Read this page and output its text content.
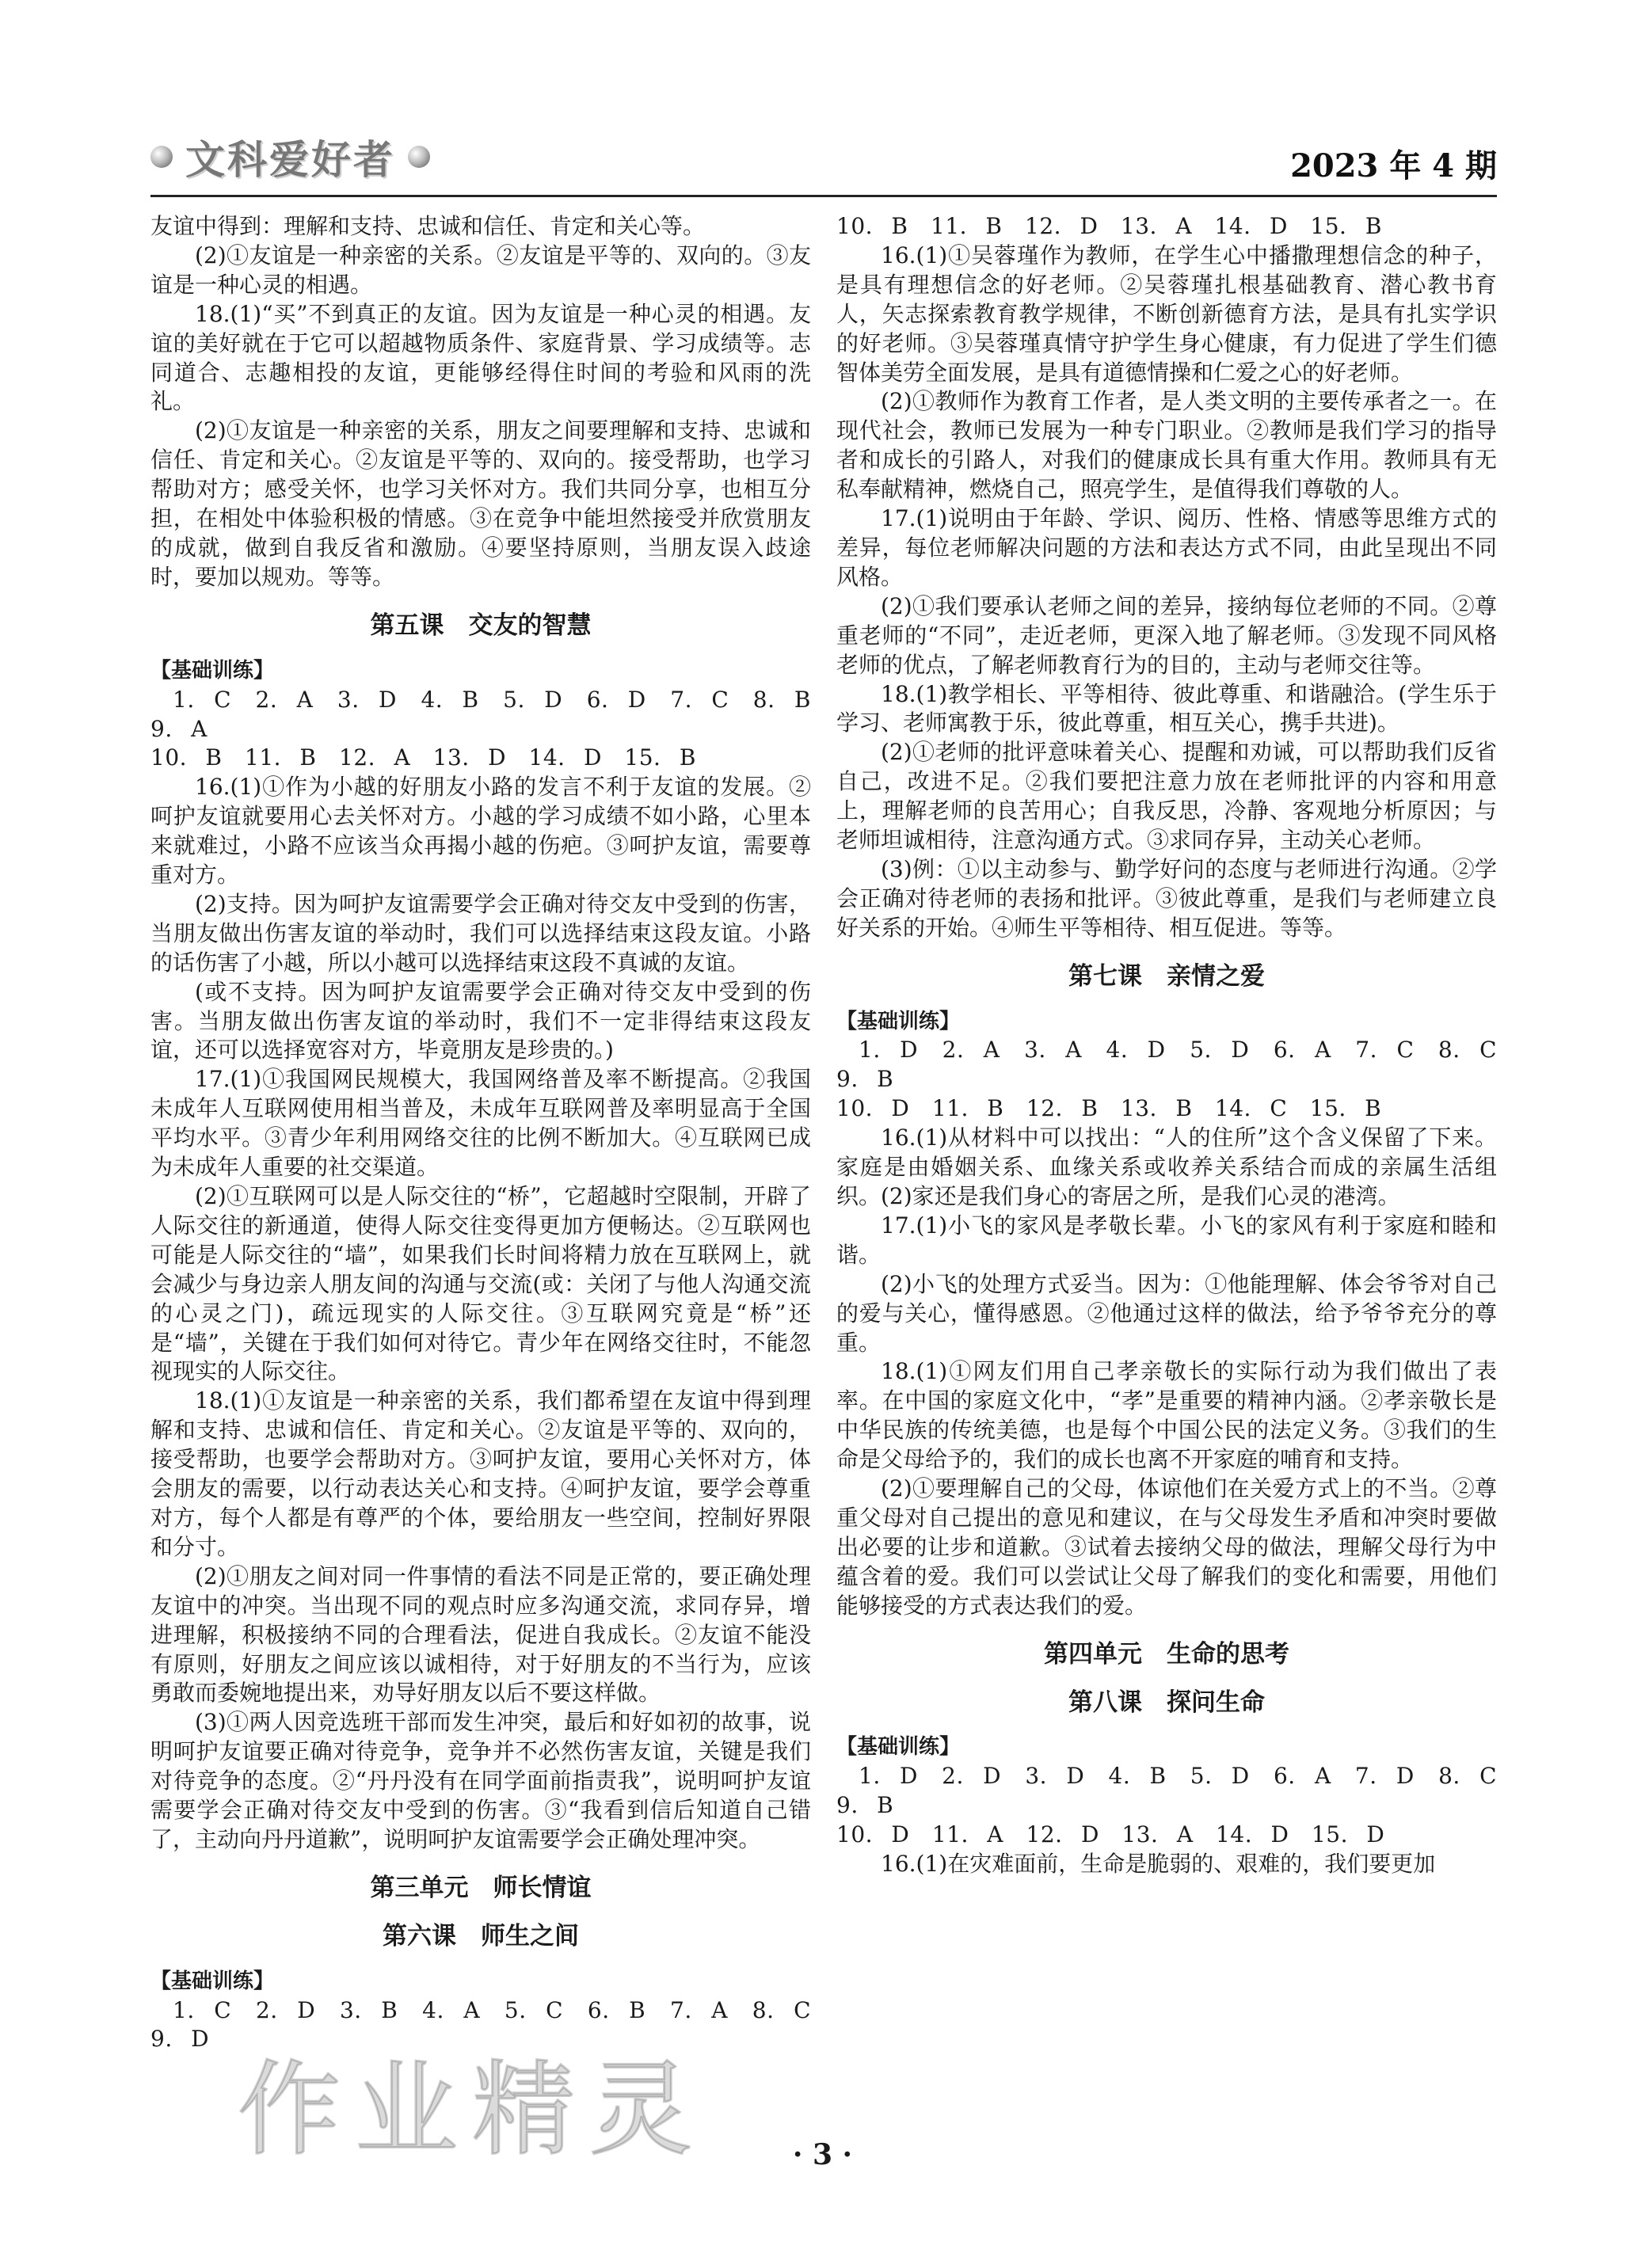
文科爱好者	2023 年 4 期

友谊中得到：理解和支持、忠诚和信任、肯定和关心等。

(2)①友谊是一种亲密的关系。②友谊是平等的、双向的。③友谊是一种心灵的相遇。

18.(1)“买”不到真正的友谊。因为友谊是一种心灵的相遇。友谊的美好就在于它可以超越物质条件、家庭背景、学习成绩等。志同道合、志趣相投的友谊，更能够经得住时间的考验和风雨的洗礼。

(2)①友谊是一种亲密的关系，朋友之间要理解和支持、忠诚和信任、肯定和关心。②友谊是平等的、双向的。接受帮助，也学习帮助对方；感受关怀，也学习关怀对方。我们共同分享，也相互分担，在相处中体验积极的情感。③在竞争中能坦然接受并欣赏朋友的成就，做到自我反省和激励。④要坚持原则，当朋友误入歧途时，要加以规劝。等等。

第五课　交友的智慧

【基础训练】

1. C　2. A　3. D　4. B　5. D　6. D　7. C　8. B　9. A

10. B　11. B　12. A　13. D　14. D　15. B

16.(1)①作为小越的好朋友小路的发言不利于友谊的发展。②呵护友谊就要用心去关怀对方。小越的学习成绩不如小路，心里本来就难过，小路不应该当众再揭小越的伤疤。③呵护友谊，需要尊重对方。

(2)支持。因为呵护友谊需要学会正确对待交友中受到的伤害，当朋友做出伤害友谊的举动时，我们可以选择结束这段友谊。小路的话伤害了小越，所以小越可以选择结束这段不真诚的友谊。

(或不支持。因为呵护友谊需要学会正确对待交友中受到的伤害。当朋友做出伤害友谊的举动时，我们不一定非得结束这段友谊，还可以选择宽容对方，毕竟朋友是珍贵的。)

17.(1)①我国网民规模大，我国网络普及率不断提高。②我国未成年人互联网使用相当普及，未成年互联网普及率明显高于全国平均水平。③青少年利用网络交往的比例不断加大。④互联网已成为未成年人重要的社交渠道。

(2)①互联网可以是人际交往的“桥”，它超越时空限制，开辟了人际交往的新通道，使得人际交往变得更加方便畅达。②互联网也可能是人际交往的“墙”，如果我们长时间将精力放在互联网上，就会减少与身边亲人朋友间的沟通与交流(或：关闭了与他人沟通交流的心灵之门)，疏远现实的人际交往。③互联网究竟是“桥”还是“墙”，关键在于我们如何对待它。青少年在网络交往时，不能忽视现实的人际交往。

18.(1)①友谊是一种亲密的关系，我们都希望在友谊中得到理解和支持、忠诚和信任、肯定和关心。②友谊是平等的、双向的，接受帮助，也要学会帮助对方。③呵护友谊，要用心关怀对方，体会朋友的需要，以行动表达关心和支持。④呵护友谊，要学会尊重对方，每个人都是有尊严的个体，要给朋友一些空间，控制好界限和分寸。

(2)①朋友之间对同一件事情的看法不同是正常的，要正确处理友谊中的冲突。当出现不同的观点时应多沟通交流，求同存异，增进理解，积极接纳不同的合理看法，促进自我成长。②友谊不能没有原则，好朋友之间应该以诚相待，对于好朋友的不当行为，应该勇敢而委婉地提出来，劝导好朋友以后不要这样做。

(3)①两人因竞选班干部而发生冲突，最后和好如初的故事，说明呵护友谊要正确对待竞争，竞争并不必然伤害友谊，关键是我们对待竞争的态度。②“丹丹没有在同学面前指责我”，说明呵护友谊需要学会正确对待交友中受到的伤害。③“我看到信后知道自己错了，主动向丹丹道歉”，说明呵护友谊需要学会正确处理冲突。

第三单元　师长情谊

第六课　师生之间

【基础训练】

1. C　2. D　3. B　4. A　5. C　6. B　7. A　8. C　9. D

10. B　11. B　12. D　13. A　14. D　15. B

16.(1)①吴蓉瑾作为教师，在学生心中播撒理想信念的种子，是具有理想信念的好老师。②吴蓉瑾扎根基础教育、潜心教书育人，矢志探索教育教学规律，不断创新德育方法，是具有扎实学识的好老师。③吴蓉瑾真情守护学生身心健康，有力促进了学生们德智体美劳全面发展，是具有道德情操和仁爱之心的好老师。

(2)①教师作为教育工作者，是人类文明的主要传承者之一。在现代社会，教师已发展为一种专门职业。②教师是我们学习的指导者和成长的引路人，对我们的健康成长具有重大作用。教师具有无私奉献精神，燃烧自己，照亮学生，是值得我们尊敬的人。

17.(1)说明由于年龄、学识、阅历、性格、情感等思维方式的差异，每位老师解决问题的方法和表达方式不同，由此呈现出不同风格。

(2)①我们要承认老师之间的差异，接纳每位老师的不同。②尊重老师的“不同”，走近老师，更深入地了解老师。③发现不同风格老师的优点，了解老师教育行为的目的，主动与老师交往等。

18.(1)教学相长、平等相待、彼此尊重、和谐融洽。(学生乐于学习、老师寓教于乐，彼此尊重，相互关心，携手共进)。

(2)①老师的批评意味着关心、提醒和劝诫，可以帮助我们反省自己，改进不足。②我们要把注意力放在老师批评的内容和用意上，理解老师的良苦用心；自我反思，冷静、客观地分析原因；与老师坦诚相待，注意沟通方式。③求同存异，主动关心老师。

(3)例：①以主动参与、勤学好问的态度与老师进行沟通。②学会正确对待老师的表扬和批评。③彼此尊重，是我们与老师建立良好关系的开始。④师生平等相待、相互促进。等等。

第七课　亲情之爱

【基础训练】

1. D　2. A　3. A　4. D　5. D　6. A　7. C　8. C　9. B

10. D　11. B　12. B　13. B　14. C　15. B

16.(1)从材料中可以找出：“人的住所”这个含义保留了下来。家庭是由婚姻关系、血缘关系或收养关系结合而成的亲属生活组织。(2)家还是我们身心的寄居之所，是我们心灵的港湾。

17.(1)小飞的家风是孝敬长辈。小飞的家风有利于家庭和睦和谐。

(2)小飞的处理方式妥当。因为：①他能理解、体会爷爷对自己的爱与关心，懂得感恩。②他通过这样的做法，给予爷爷充分的尊重。

18.(1)①网友们用自己孝亲敬长的实际行动为我们做出了表率。在中国的家庭文化中，“孝”是重要的精神内涵。②孝亲敬长是中华民族的传统美德，也是每个中国公民的法定义务。③我们的生命是父母给予的，我们的成长也离不开家庭的哺育和支持。

(2)①要理解自己的父母，体谅他们在关爱方式上的不当。②尊重父母对自己提出的意见和建议，在与父母发生矛盾和冲突时要做出必要的让步和道歉。③试着去接纳父母的做法，理解父母行为中蕴含着的爱。我们可以尝试让父母了解我们的变化和需要，用他们能够接受的方式表达我们的爱。

第四单元　生命的思考

第八课　探问生命

【基础训练】

1. D　2. D　3. D　4. B　5. D　6. A　7. D　8. C　9. B

10. D　11. A　12. D　13. A　14. D　15. D

16.(1)在灾难面前，生命是脆弱的、艰难的，我们要更加

· 3 ·
作业精灵
